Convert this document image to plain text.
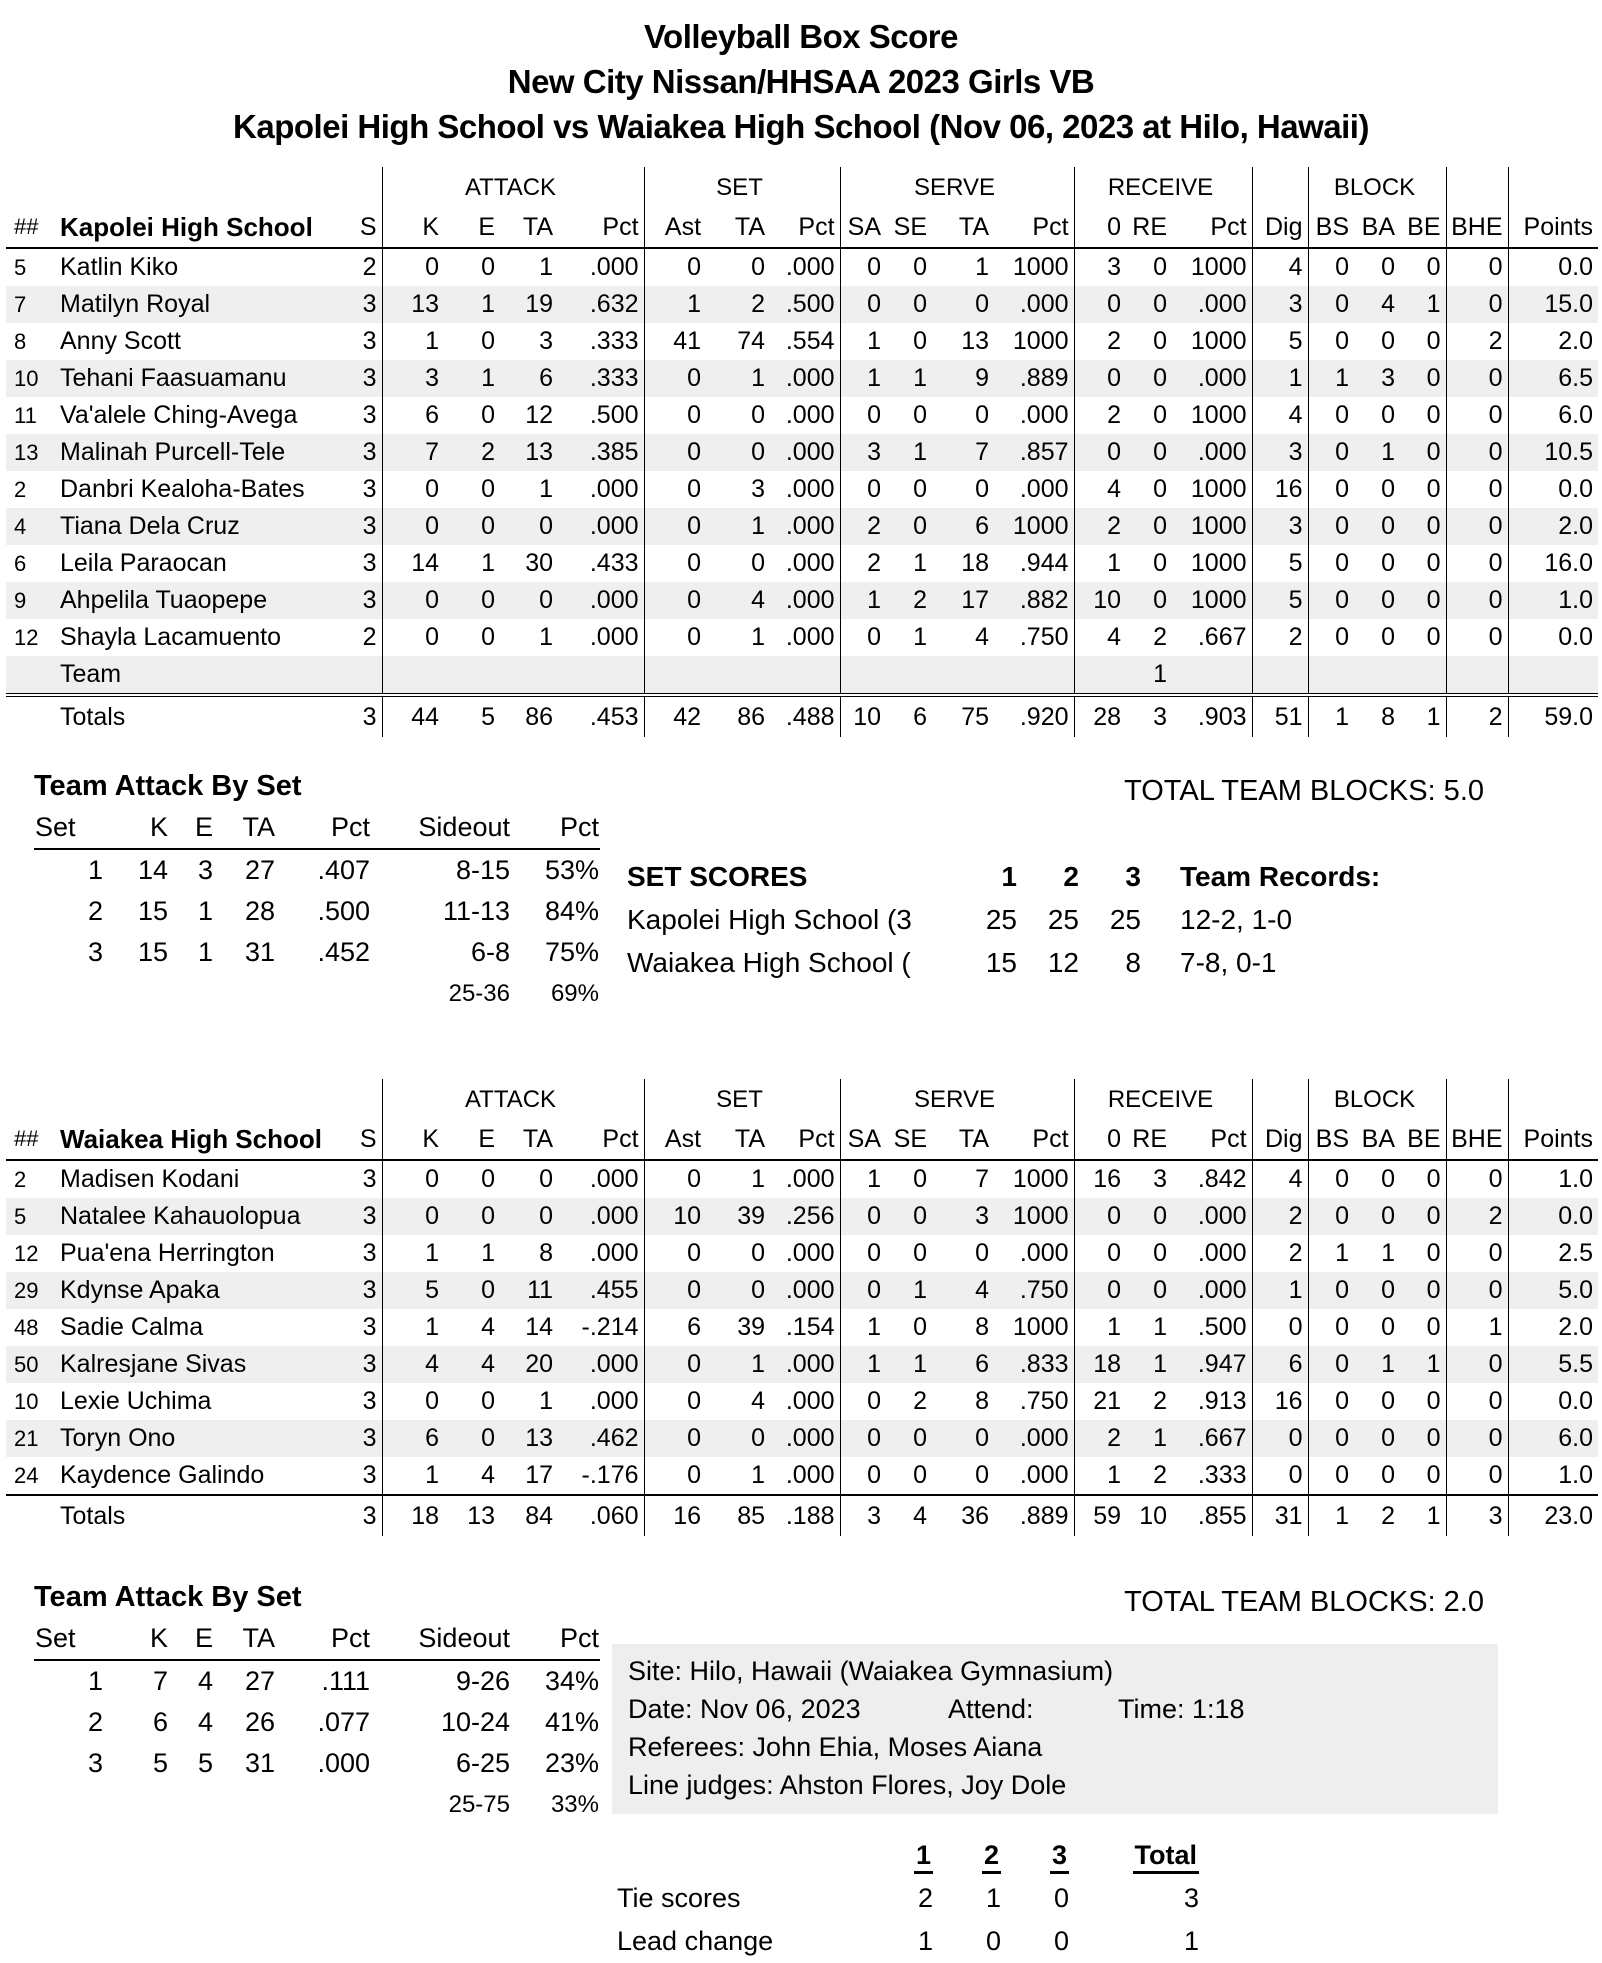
Volleyball Box Score
New City Nissan/HHSAA 2023 Girls VB
Kapolei High School vs Waiakea High School (Nov 06, 2023 at Hilo, Hawaii)
			ATTACK				SET			SERVE				RECEIVE				BLOCK				
##	Kapolei High School	S	K	E	TA	Pct	Ast	TA	Pct	SA	SE	TA	Pct	0	RE	Pct	Dig	BS	BA	BE	BHE	Points
5	Katlin Kiko	2	0	0	1	.000	0	0	.000	0	0	1	1000	3	0	1000	4	0	0	0	0	0.0
7	Matilyn Royal	3	13	1	19	.632	1	2	.500	0	0	0	.000	0	0	.000	3	0	4	1	0	15.0
8	Anny Scott	3	1	0	3	.333	41	74	.554	1	0	13	1000	2	0	1000	5	0	0	0	2	2.0
10	Tehani Faasuamanu	3	3	1	6	.333	0	1	.000	1	1	9	.889	0	0	.000	1	1	3	0	0	6.5
11	Va'alele Ching-Avega	3	6	0	12	.500	0	0	.000	0	0	0	.000	2	0	1000	4	0	0	0	0	6.0
13	Malinah Purcell-Tele	3	7	2	13	.385	0	0	.000	3	1	7	.857	0	0	.000	3	0	1	0	0	10.5
2	Danbri Kealoha-Bates	3	0	0	1	.000	0	3	.000	0	0	0	.000	4	0	1000	16	0	0	0	0	0.0
4	Tiana Dela Cruz	3	0	0	0	.000	0	1	.000	2	0	6	1000	2	0	1000	3	0	0	0	0	2.0
6	Leila Paraocan	3	14	1	30	.433	0	0	.000	2	1	18	.944	1	0	1000	5	0	0	0	0	16.0
9	Ahpelila Tuaopepe	3	0	0	0	.000	0	4	.000	1	2	17	.882	10	0	1000	5	0	0	0	0	1.0
12	Shayla Lacamuento	2	0	0	1	.000	0	1	.000	0	1	4	.750	4	2	.667	2	0	0	0	0	0.0
	Team														1							
	Totals	3	44	5	86	.453	42	86	.488	10	6	75	.920	28	3	.903	51	1	8	1	2	59.0
Team Attack By Set
Set	K	E	TA	Pct	Sideout	Pct
1	14	3	27	.407	8-15	53%
2	15	1	28	.500	11-13	84%
3	15	1	31	.452	6-8	75%
					25-36	69%
TOTAL TEAM BLOCKS: 5.0
SET SCORES	1	2	3	Team Records:
Kapolei High School (3	25	25	25	12-2, 1-0
Waiakea High School (	15	12	8	7-8, 0-1
			ATTACK				SET			SERVE				RECEIVE				BLOCK				
##	Waiakea High School	S	K	E	TA	Pct	Ast	TA	Pct	SA	SE	TA	Pct	0	RE	Pct	Dig	BS	BA	BE	BHE	Points
2	Madisen Kodani	3	0	0	0	.000	0	1	.000	1	0	7	1000	16	3	.842	4	0	0	0	0	1.0
5	Natalee Kahauolopua	3	0	0	0	.000	10	39	.256	0	0	3	1000	0	0	.000	2	0	0	0	2	0.0
12	Pua'ena Herrington	3	1	1	8	.000	0	0	.000	0	0	0	.000	0	0	.000	2	1	1	0	0	2.5
29	Kdynse Apaka	3	5	0	11	.455	0	0	.000	0	1	4	.750	0	0	.000	1	0	0	0	0	5.0
48	Sadie Calma	3	1	4	14	-.214	6	39	.154	1	0	8	1000	1	1	.500	0	0	0	0	1	2.0
50	Kalresjane Sivas	3	4	4	20	.000	0	1	.000	1	1	6	.833	18	1	.947	6	0	1	1	0	5.5
10	Lexie Uchima	3	0	0	1	.000	0	4	.000	0	2	8	.750	21	2	.913	16	0	0	0	0	0.0
21	Toryn Ono	3	6	0	13	.462	0	0	.000	0	0	0	.000	2	1	.667	0	0	0	0	0	6.0
24	Kaydence Galindo	3	1	4	17	-.176	0	1	.000	0	0	0	.000	1	2	.333	0	0	0	0	0	1.0
	Totals	3	18	13	84	.060	16	85	.188	3	4	36	.889	59	10	.855	31	1	2	1	3	23.0
Team Attack By Set
Set	K	E	TA	Pct	Sideout	Pct
1	7	4	27	.111	9-26	34%
2	6	4	26	.077	10-24	41%
3	5	5	31	.000	6-25	23%
					25-75	33%
TOTAL TEAM BLOCKS: 2.0
Site: Hilo, Hawaii (Waiakea Gymnasium)
Date: Nov 06, 2023	Attend:	Time: 1:18
Referees: John Ehia, Moses Aiana
Line judges: Ahston Flores, Joy Dole
	1	2	3	Total
Tie scores	2	1	0	3
Lead change	1	0	0	1
